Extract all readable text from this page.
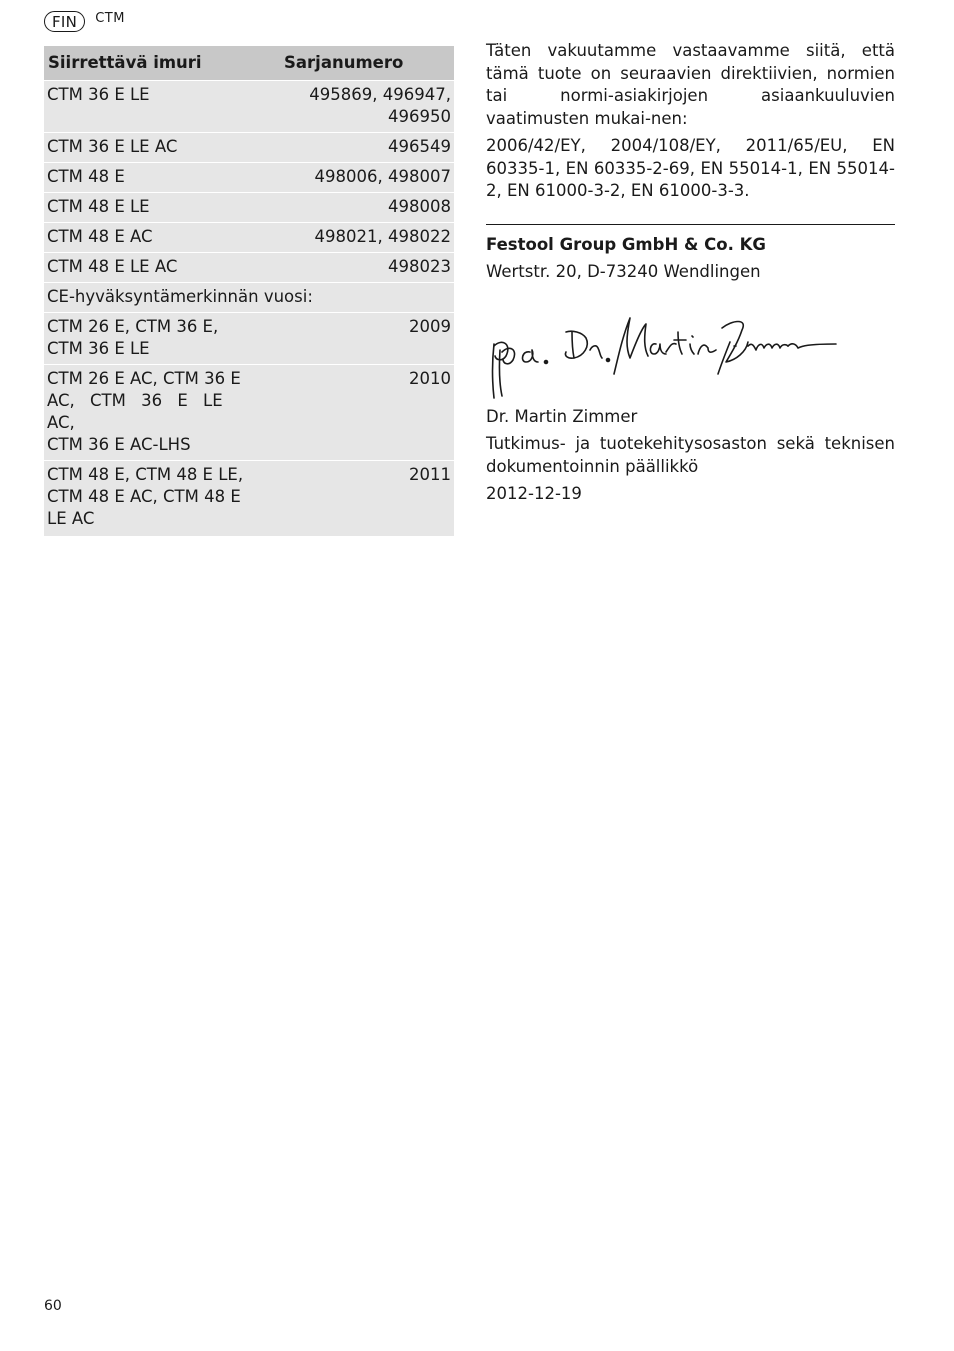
FIN	CTM
Siirrettävä imuri	Sarjanumero
CTM 36 E LE	495869, 496947, 496950
CTM 36 E LE AC	496549
CTM 48 E	498006, 498007
CTM 48 E LE	498008
CTM 48 E AC	498021, 498022
CTM 48 E LE AC	498023
CE-hyväksyntämerkinnän vuosi:	

CTM 26 E, CTM 36 E,
CTM 36 E LE	2009

CTM 26 E AC, CTM 36 E
AC, CTM 36 E LE AC,
CTM 36 E AC-LHS	2010

CTM 48 E, CTM 48 E LE,
CTM 48 E AC, CTM 48 E
LE AC	2011

Täten vakuutamme vastaavamme siitä, että tämä tuote on seuraavien direktiivien, normien tai normi-asiakirjojen asiaankuuluvien vaatimusten mukai-nen:

2006/42/EY, 2004/108/EY, 2011/65/EU, EN 60335-1, EN 60335-2-69, EN 55014-1, EN 55014-2, EN 61000-3-2, EN 61000-3-3.

Festool Group GmbH & Co. KG

Wertstr. 20, D-73240 Wendlingen

Dr. Martin Zimmer

Tutkimus- ja tuotekehitysosaston sekä teknisen dokumentoinnin päällikkö

2012-12-19

60
